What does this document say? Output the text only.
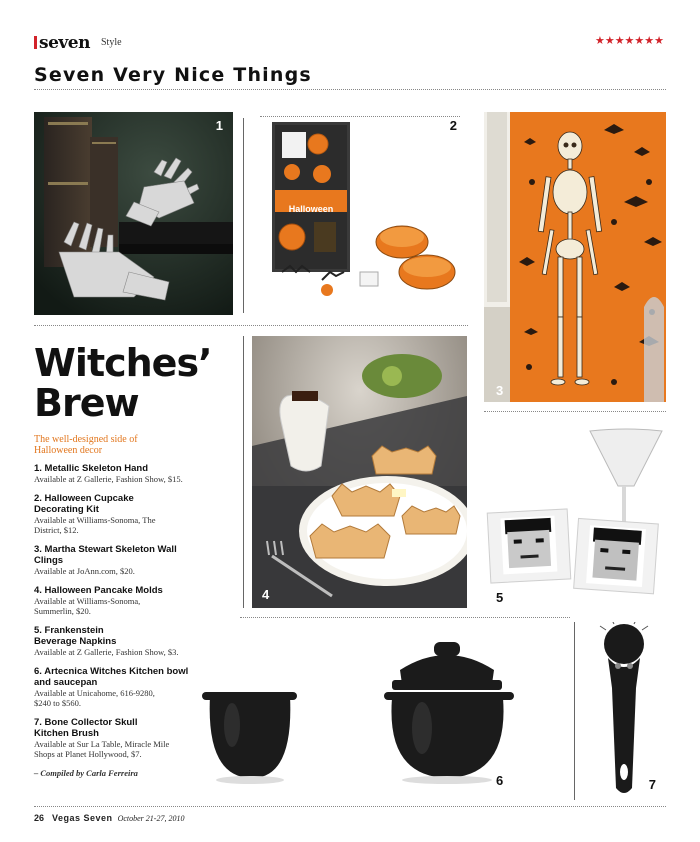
seven Style	★★★★★★★
Seven Very Nice Things
1
Halloween
2
3
Witches’
Brew
The well-designed side of Halloween decor
1. Metallic Skeleton Hand
Available at Z Gallerie, Fashion Show, $15.
2. Halloween Cupcake Decorating Kit
Available at Williams-Sonoma, The District, $12.
3. Martha Stewart Skeleton Wall Clings
Available at JoAnn.com, $20.
4. Halloween Pancake Molds
Available at Williams-Sonoma, Summerlin, $20.
5. Frankenstein Beverage Napkins
Available at Z Gallerie, Fashion Show, $3.
6. Artecnica Witches Kitchen bowl and saucepan
Available at Unicahome, 616-9280, $240 to $560.
7. Bone Collector Skull Kitchen Brush
Available at Sur La Table, Miracle Mile Shops at Planet Hollywood, $7.
– Compiled by Carla Ferreira
4	5
6	7
26 Vegas Seven October 21-27, 2010
